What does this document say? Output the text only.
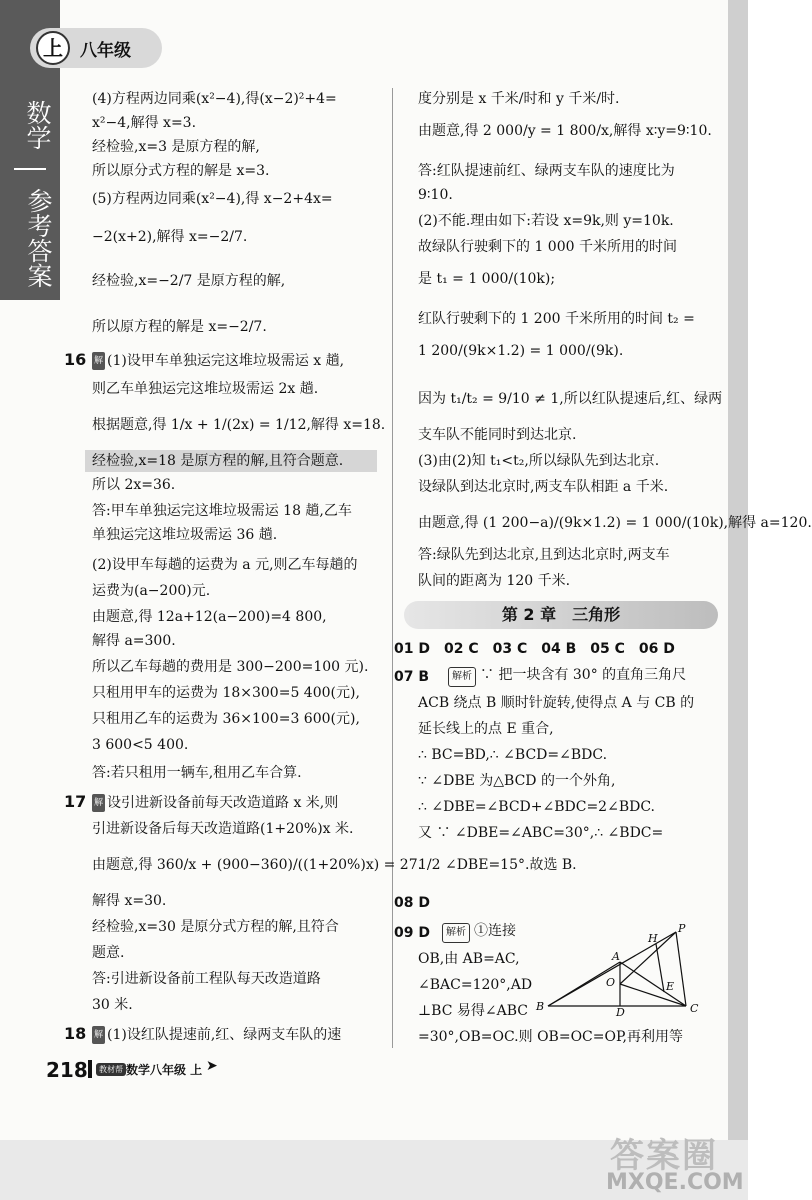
上	八年级
数学
参考答案
(4)方程两边同乘(x²−4),得(x−2)²+4=
x²−4,解得 x=3.
经检验,x=3 是原方程的解,
所以原分式方程的解是 x=3.
(5)方程两边同乘(x²−4),得 x−2+4x=
−2(x+2),解得 x=−2/7.
经检验,x=−2/7 是原方程的解,
所以原方程的解是 x=−2/7.
16 解 (1)设甲车单独运完这堆垃圾需运 x 趟,
则乙车单独运完这堆垃圾需运 2x 趟.
根据题意,得 1/x + 1/(2x) = 1/12,解得 x=18.
经检验,x=18 是原方程的解,且符合题意.
所以 2x=36.
答:甲车单独运完这堆垃圾需运 18 趟,乙车
单独运完这堆垃圾需运 36 趟.
(2)设甲车每趟的运费为 a 元,则乙车每趟的
运费为(a−200)元.
由题意,得 12a+12(a−200)=4 800,
解得 a=300.
所以乙车每趟的费用是 300−200=100 元).
只租用甲车的运费为 18×300=5 400(元),
只租用乙车的运费为 36×100=3 600(元),
3 600<5 400.
答:若只租用一辆车,租用乙车合算.
17 解 设引进新设备前每天改造道路 x 米,则
引进新设备后每天改造道路(1+20%)x 米.
由题意,得 360/x + (900−360)/((1+20%)x) = 27.
解得 x=30.
经检验,x=30 是原分式方程的解,且符合
题意.
答:引进新设备前工程队每天改造道路
30 米.
18 解 (1)设红队提速前,红、绿两支车队的速
度分别是 x 千米/时和 y 千米/时.
由题意,得 2 000/y = 1 800/x,解得 x∶y=9∶10.
答:红队提速前红、绿两支车队的速度比为
9∶10.
(2)不能.理由如下:若设 x=9k,则 y=10k.
故绿队行驶剩下的 1 000 千米所用的时间
是 t₁ = 1 000/(10k);
红队行驶剩下的 1 200 千米所用的时间 t₂ =
1 200/(9k×1.2) = 1 000/(9k).
因为 t₁/t₂ = 9/10 ≠ 1,所以红队提速后,红、绿两
支车队不能同时到达北京.
(3)由(2)知 t₁<t₂,所以绿队先到达北京.
设绿队到达北京时,两支车队相距 a 千米.
由题意,得 (1 200−a)/(9k×1.2) = 1 000/(10k),解得 a=120.
答:绿队先到达北京,且到达北京时,两支车
队间的距离为 120 千米.
第 2 章　三角形
01 D　02 C　03 C　04 B　05 C　06 D
07 B	解析 ∵ 把一块含有 30° 的直角三角尺
ACB 绕点 B 顺时针旋转,使得点 A 与 CB 的
延长线上的点 E 重合,
∴ BC=BD,∴ ∠BCD=∠BDC.
∵ ∠DBE 为△BCD 的一个外角,
∴ ∠DBE=∠BCD+∠BDC=2∠BDC.
又 ∵ ∠DBE=∠ABC=30°,∴ ∠BDC=
1/2 ∠DBE=15°.故选 B.
08 D
09 D	解析 ①连接
OB,由 AB=AC,
∠BAC=120°,AD
⊥BC 易得∠ABC
=30°,OB=OC.则 OB=OC=OP,再利用等
A
B	C
D
E
H
O
P
218	教材帮 数学八年级 上 ➤
答案圈
MXQE.COM
